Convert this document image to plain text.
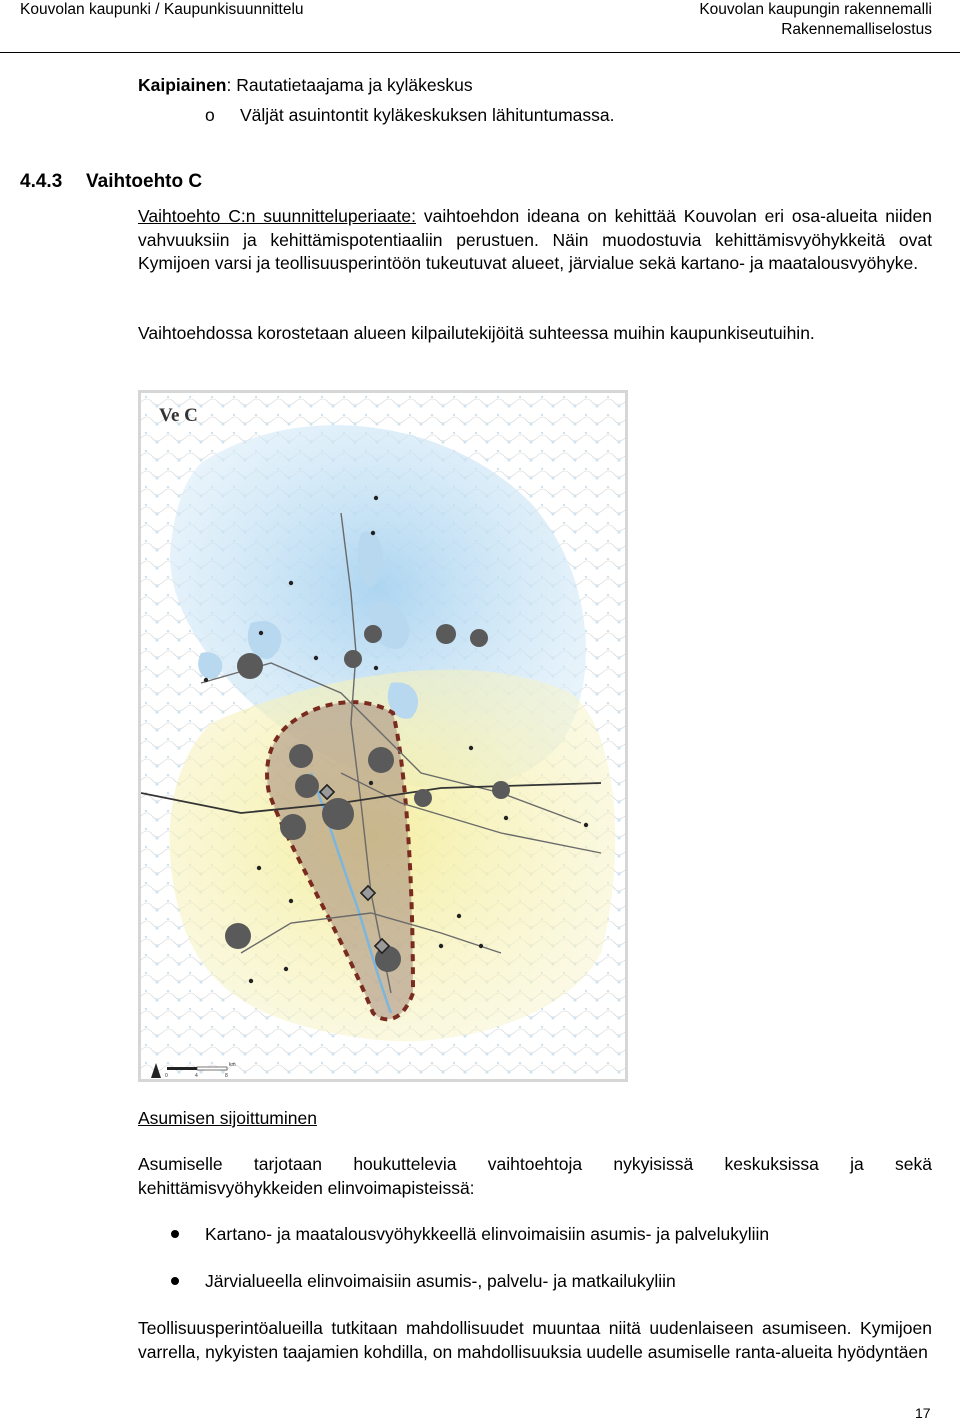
Kouvolan kaupunki / Kaupunkisuunnittelu	Kouvolan kaupungin rakennemalli
Rakennemalliselostus
Kaipiainen: Rautatietaajama ja kyläkeskus
o Väljät asuintontit kyläkeskuksen lähituntumassa.
4.4.3 Vaihtoehto C
Vaihtoehto C:n suunnitteluperiaate: vaihtoehdon ideana on kehittää Kouvolan eri osa-alueita niiden vahvuuksiin ja kehittämispotentiaaliin perustuen. Näin muodostuvia kehittämisvyöhykkeitä ovat Kymijoen varsi ja teollisuusperintöön tukeutuvat alueet, järvialue sekä kartano- ja maatalousvyöhyke.
Vaihtoehdossa korostetaan alueen kilpailutekijöitä suhteessa muihin kaupunkiseutuihin.
Ve C
km
0	4	8
Asumisen sijoittuminen
Asumiselle tarjotaan houkuttelevia vaihtoehtoja nykyisissä keskuksissa ja sekä kehittämisvyöhykkeiden elinvoimapisteissä:
Kartano- ja maatalousvyöhykkeellä elinvoimaisiin asumis- ja palvelukyliin
Järvialueella elinvoimaisiin asumis-, palvelu- ja matkailukyliin
Teollisuusperintöalueilla tutkitaan mahdollisuudet muuntaa niitä uudenlaiseen asumiseen. Kymijoen varrella, nykyisten taajamien kohdilla, on mahdollisuuksia uudelle asumiselle ranta-alueita hyödyntäen
17
